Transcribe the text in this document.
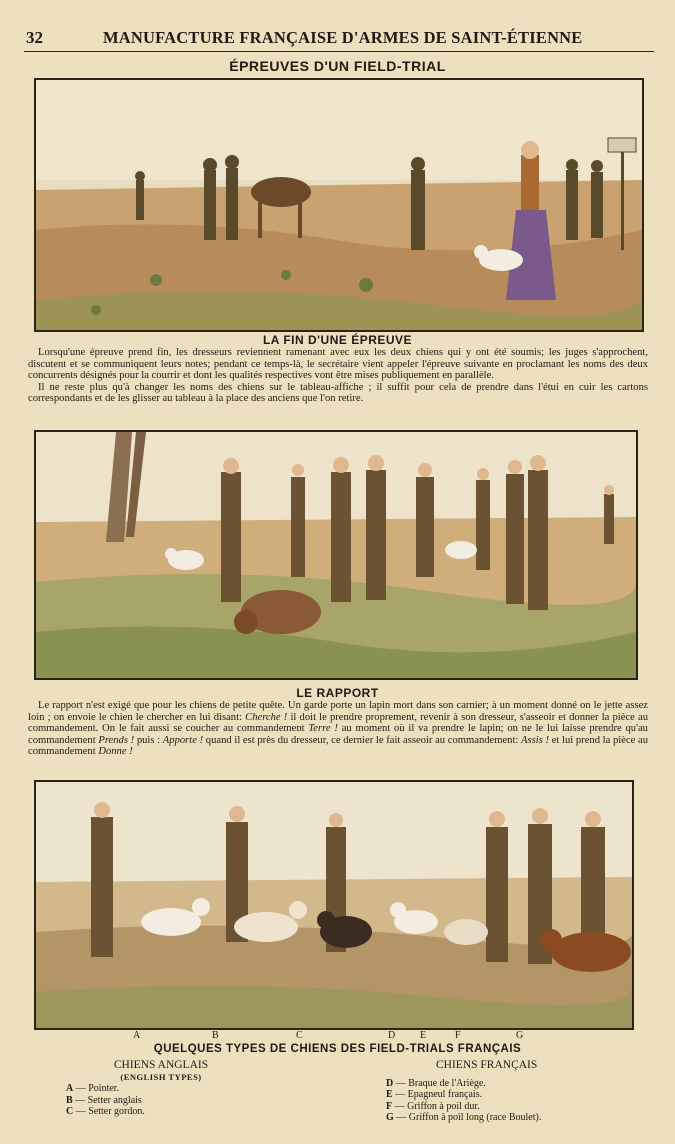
32	MANUFACTURE FRANÇAISE D'ARMES DE SAINT-ÉTIENNE
ÉPREUVES D'UN FIELD-TRIAL
LA FIN D'UNE ÉPREUVE

Lorsqu'une épreuve prend fin, les dresseurs reviennent ramenant avec eux les deux chiens qui y ont été soumis; les juges s'approchent, discutent et se communiquent leurs notes; pendant ce temps-là, le secrétaire vient appeler l'épreuve suivante en proclamant les noms des deux concurrents désignés pour la courrir et dont les qualités respectives vont être mises publiquement en parallèle.

Il ne reste plus qu'à changer les noms des chiens sur le tableau-affiche ; il suffit pour cela de prendre dans l'étui en cuir les cartons correspondants et de les glisser au tableau à la place des anciens que l'on retire.

LE RAPPORT

Le rapport n'est exigé que pour les chiens de petite quête. Un garde porte un lapin mort dans son carnier; à un moment donné on le jette assez loin ; on envoie le chien le chercher en lui disant: Cherche ! il doit le prendre proprement, revenir à son dresseur, s'asseoir et donner la pièce au commandement. On le fait aussi se coucher au commandement Terre ! au moment où il va prendre le lapin; on ne le lui laisse prendre qu'au commandement Prends ! puis : Apporte ! quand il est près du dresseur, ce dernier le fait asseoir au commandement: Assis ! et lui prend la pièce au commandement Donne !

A	B	C	D E	F	G
QUELQUES TYPES DE CHIENS DES FIELD-TRIALS FRANÇAIS
CHIENS ANGLAIS
(ENGLISH TYPES)
A — Pointer.
B — Setter anglais
C — Setter gordon.
CHIENS FRANÇAIS
D — Braque de l'Ariège.
E — Epagneul français.
F — Griffon à poil dur.
G — Griffon à poil long (race Boulet).
